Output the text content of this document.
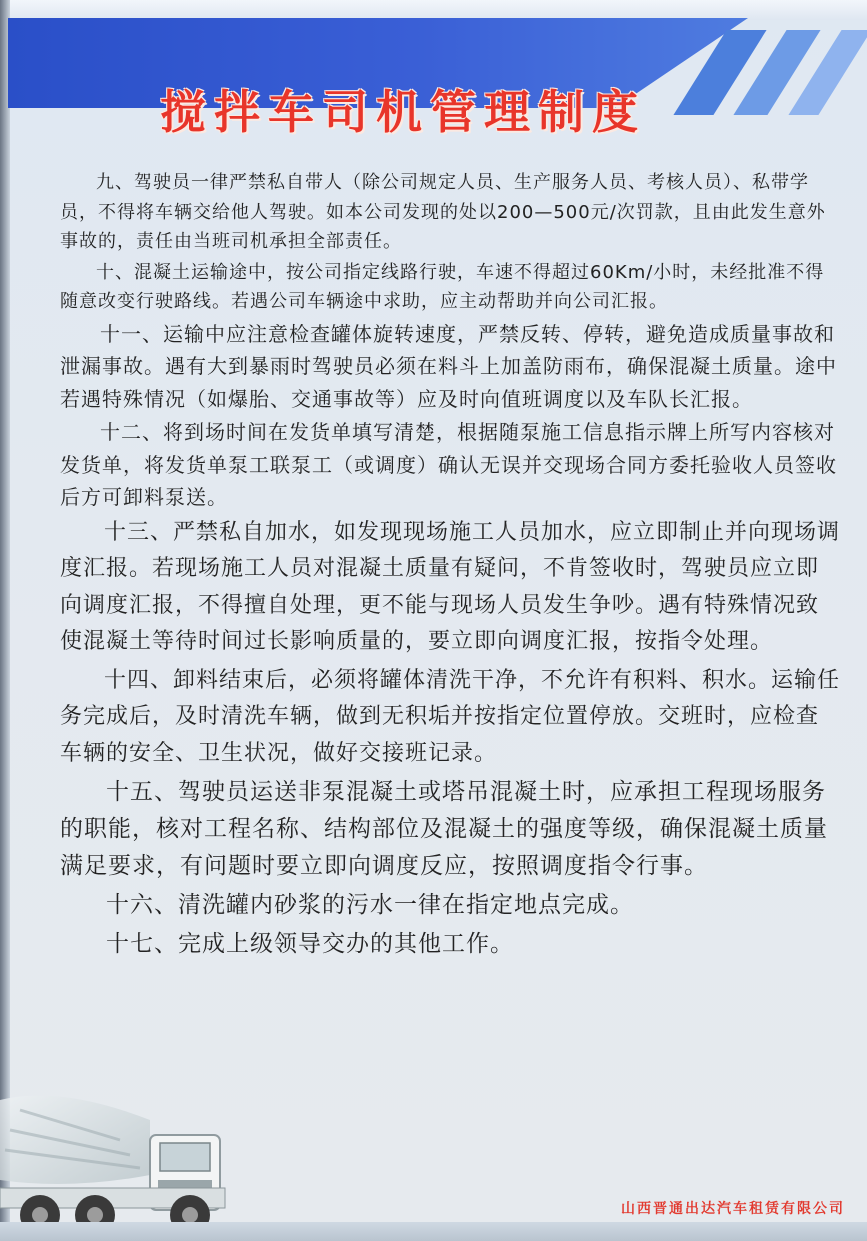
搅拌车司机管理制度

九、驾驶员一律严禁私自带人（除公司规定人员、生产服务人员、考核人员）、私带学员，不得将车辆交给他人驾驶。如本公司发现的处以200—500元/次罚款，且由此发生意外事故的，责任由当班司机承担全部责任。

十、混凝土运输途中，按公司指定线路行驶，车速不得超过60Km/小时，未经批准不得随意改变行驶路线。若遇公司车辆途中求助，应主动帮助并向公司汇报。

十一、运输中应注意检查罐体旋转速度，严禁反转、停转，避免造成质量事故和泄漏事故。遇有大到暴雨时驾驶员必须在料斗上加盖防雨布，确保混凝土质量。途中若遇特殊情况（如爆胎、交通事故等）应及时向值班调度以及车队长汇报。

十二、将到场时间在发货单填写清楚，根据随泵施工信息指示牌上所写内容核对发货单，将发货单泵工联泵工（或调度）确认无误并交现场合同方委托验收人员签收后方可卸料泵送。

十三、严禁私自加水，如发现现场施工人员加水，应立即制止并向现场调度汇报。若现场施工人员对混凝土质量有疑问，不肯签收时，驾驶员应立即向调度汇报，不得擅自处理，更不能与现场人员发生争吵。遇有特殊情况致使混凝土等待时间过长影响质量的，要立即向调度汇报，按指令处理。

十四、卸料结束后，必须将罐体清洗干净，不允许有积料、积水。运输任务完成后，及时清洗车辆，做到无积垢并按指定位置停放。交班时，应检查车辆的安全、卫生状况，做好交接班记录。

十五、驾驶员运送非泵混凝土或塔吊混凝土时，应承担工程现场服务的职能，核对工程名称、结构部位及混凝土的强度等级，确保混凝土质量满足要求，有问题时要立即向调度反应，按照调度指令行事。

十六、清洗罐内砂浆的污水一律在指定地点完成。

十七、完成上级领导交办的其他工作。

山西晋通出达汽车租赁有限公司
